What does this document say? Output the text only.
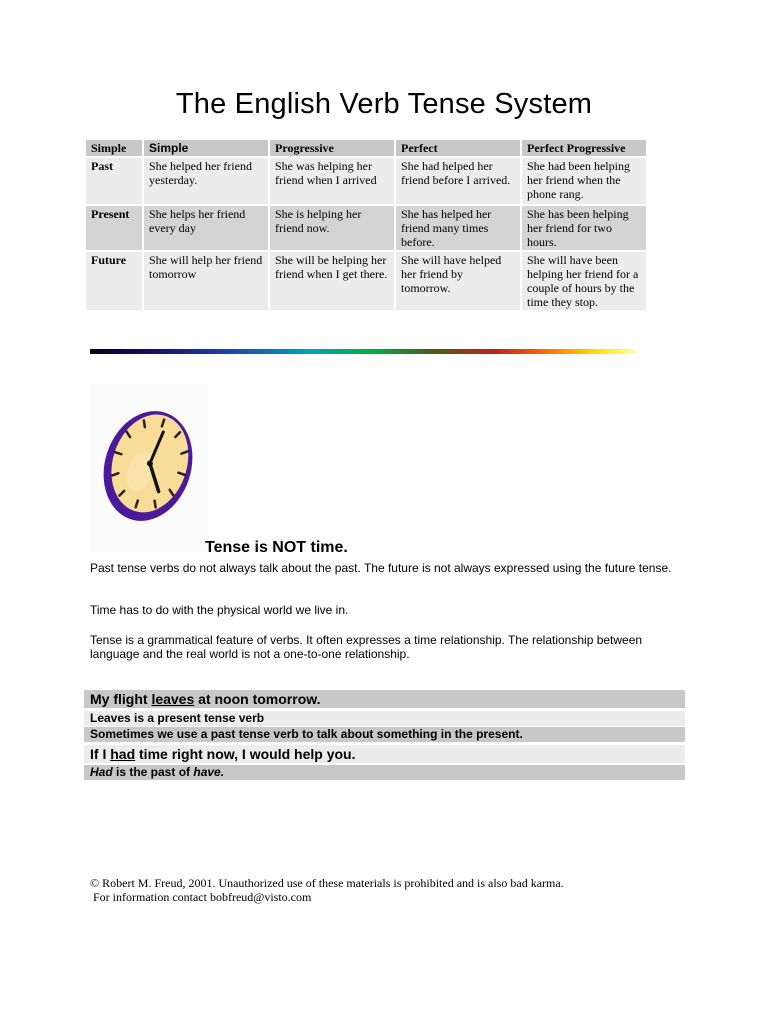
The English Verb Tense System
Simple	Simple	Progressive	Perfect	Perfect Progressive
Past	She helped her friend yesterday.	She was helping her friend when I arrived	She had helped her friend before I arrived.	She had been helping her friend when the phone rang.
Present	She helps her friend every day	She is helping her friend now.	She has helped her friend many times before.	She has been helping her friend for two hours.
Future	She will help her friend tomorrow	She will be helping her friend when I get there.	She will have helped her friend by tomorrow.	She will have been helping her friend for a couple of hours by the time they stop.
Tense is NOT time.
Past tense verbs do not always talk about the past. The future is not always expressed using the future tense.
Time has to do with the physical world we live in.
Tense is a grammatical feature of verbs. It often expresses a time relationship. The relationship between language and the real world is not a one-to-one relationship.
My flight leaves at noon tomorrow.
Leaves is a present tense verb
Sometimes we use a past tense verb to talk about something in the present.
If I had time right now, I would help you.
Had is the past of have.
© Robert M. Freud, 2001. Unauthorized use of these materials is prohibited and is also bad karma.
For information contact bobfreud@visto.com
